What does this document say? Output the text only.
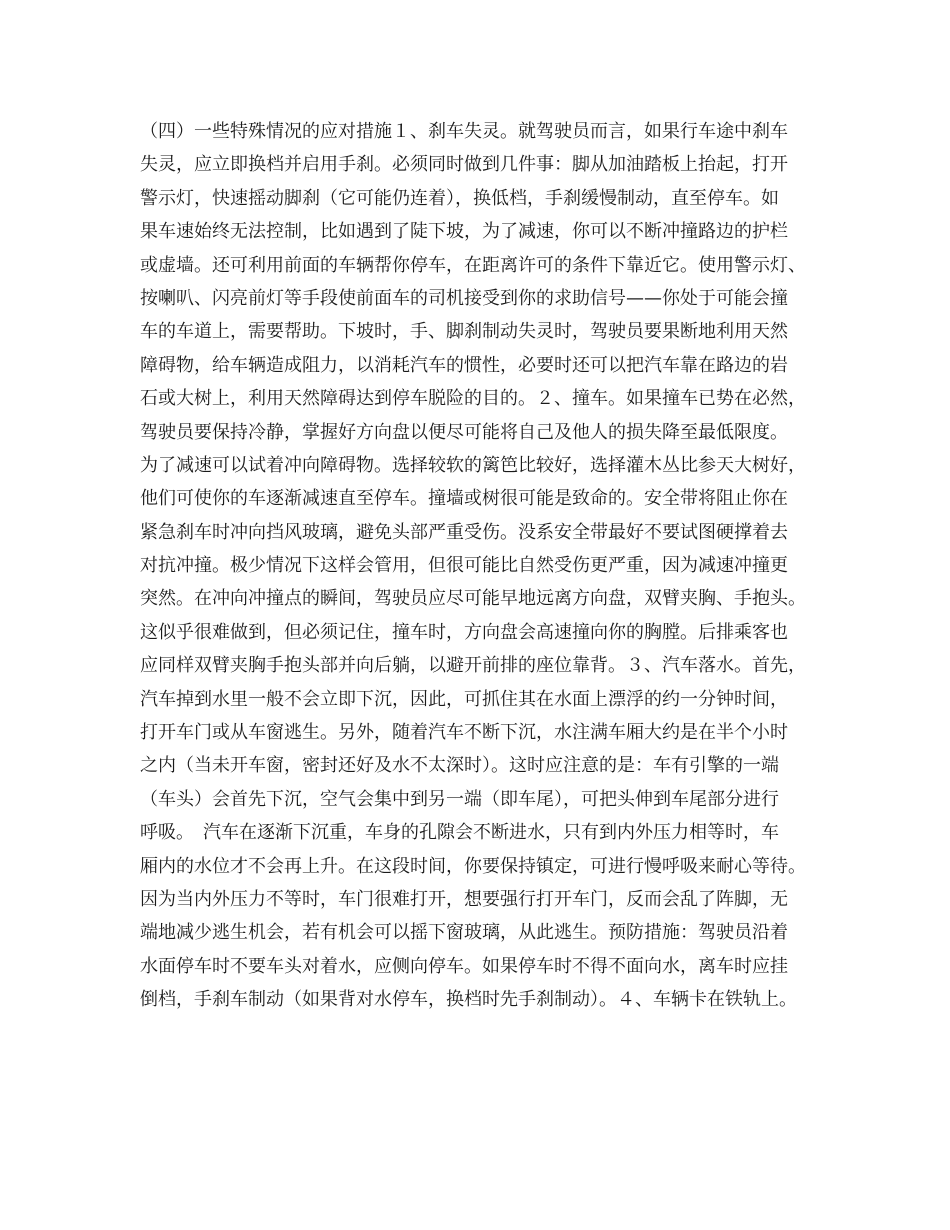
（四）一些特殊情况的应对措施１、刹车失灵。就驾驶员而言，如果行车途中刹车
失灵，应立即换档并启用手刹。必须同时做到几件事：脚从加油踏板上抬起，打开
警示灯，快速摇动脚刹（它可能仍连着），换低档，手刹缓慢制动，直至停车。如
果车速始终无法控制，比如遇到了陡下坡，为了减速，你可以不断冲撞路边的护栏
或虚墙。还可利用前面的车辆帮你停车，在距离许可的条件下靠近它。使用警示灯、
按喇叭、闪亮前灯等手段使前面车的司机接受到你的求助信号——你处于可能会撞
车的车道上，需要帮助。下坡时，手、脚刹制动失灵时，驾驶员要果断地利用天然
障碍物，给车辆造成阻力，以消耗汽车的惯性，必要时还可以把汽车靠在路边的岩
石或大树上，利用天然障碍达到停车脱险的目的。２、撞车。如果撞车已势在必然，
驾驶员要保持冷静，掌握好方向盘以便尽可能将自己及他人的损失降至最低限度。
为了减速可以试着冲向障碍物。选择较软的篱笆比较好，选择灌木丛比参天大树好，
他们可使你的车逐渐减速直至停车。撞墙或树很可能是致命的。安全带将阻止你在
紧急刹车时冲向挡风玻璃，避免头部严重受伤。没系安全带最好不要试图硬撑着去
对抗冲撞。极少情况下这样会管用，但很可能比自然受伤更严重，因为减速冲撞更
突然。在冲向冲撞点的瞬间，驾驶员应尽可能早地远离方向盘，双臂夹胸、手抱头。
这似乎很难做到，但必须记住，撞车时，方向盘会高速撞向你的胸膛。后排乘客也
应同样双臂夹胸手抱头部并向后躺，以避开前排的座位靠背。３、汽车落水。首先，
汽车掉到水里一般不会立即下沉，因此，可抓住其在水面上漂浮的约一分钟时间，
打开车门或从车窗逃生。另外，随着汽车不断下沉，水注满车厢大约是在半个小时
之内（当未开车窗，密封还好及水不太深时）。这时应注意的是：车有引擎的一端
（车头）会首先下沉，空气会集中到另一端（即车尾），可把头伸到车尾部分进行
呼吸。　汽车在逐渐下沉重，车身的孔隙会不断进水，只有到内外压力相等时，车
厢内的水位才不会再上升。在这段时间，你要保持镇定，可进行慢呼吸来耐心等待。
因为当内外压力不等时，车门很难打开，想要强行打开车门，反而会乱了阵脚，无
端地减少逃生机会，若有机会可以摇下窗玻璃，从此逃生。预防措施：驾驶员沿着
水面停车时不要车头对着水，应侧向停车。如果停车时不得不面向水，离车时应挂
倒档，手刹车制动（如果背对水停车，换档时先手刹制动）。４、车辆卡在铁轨上。
